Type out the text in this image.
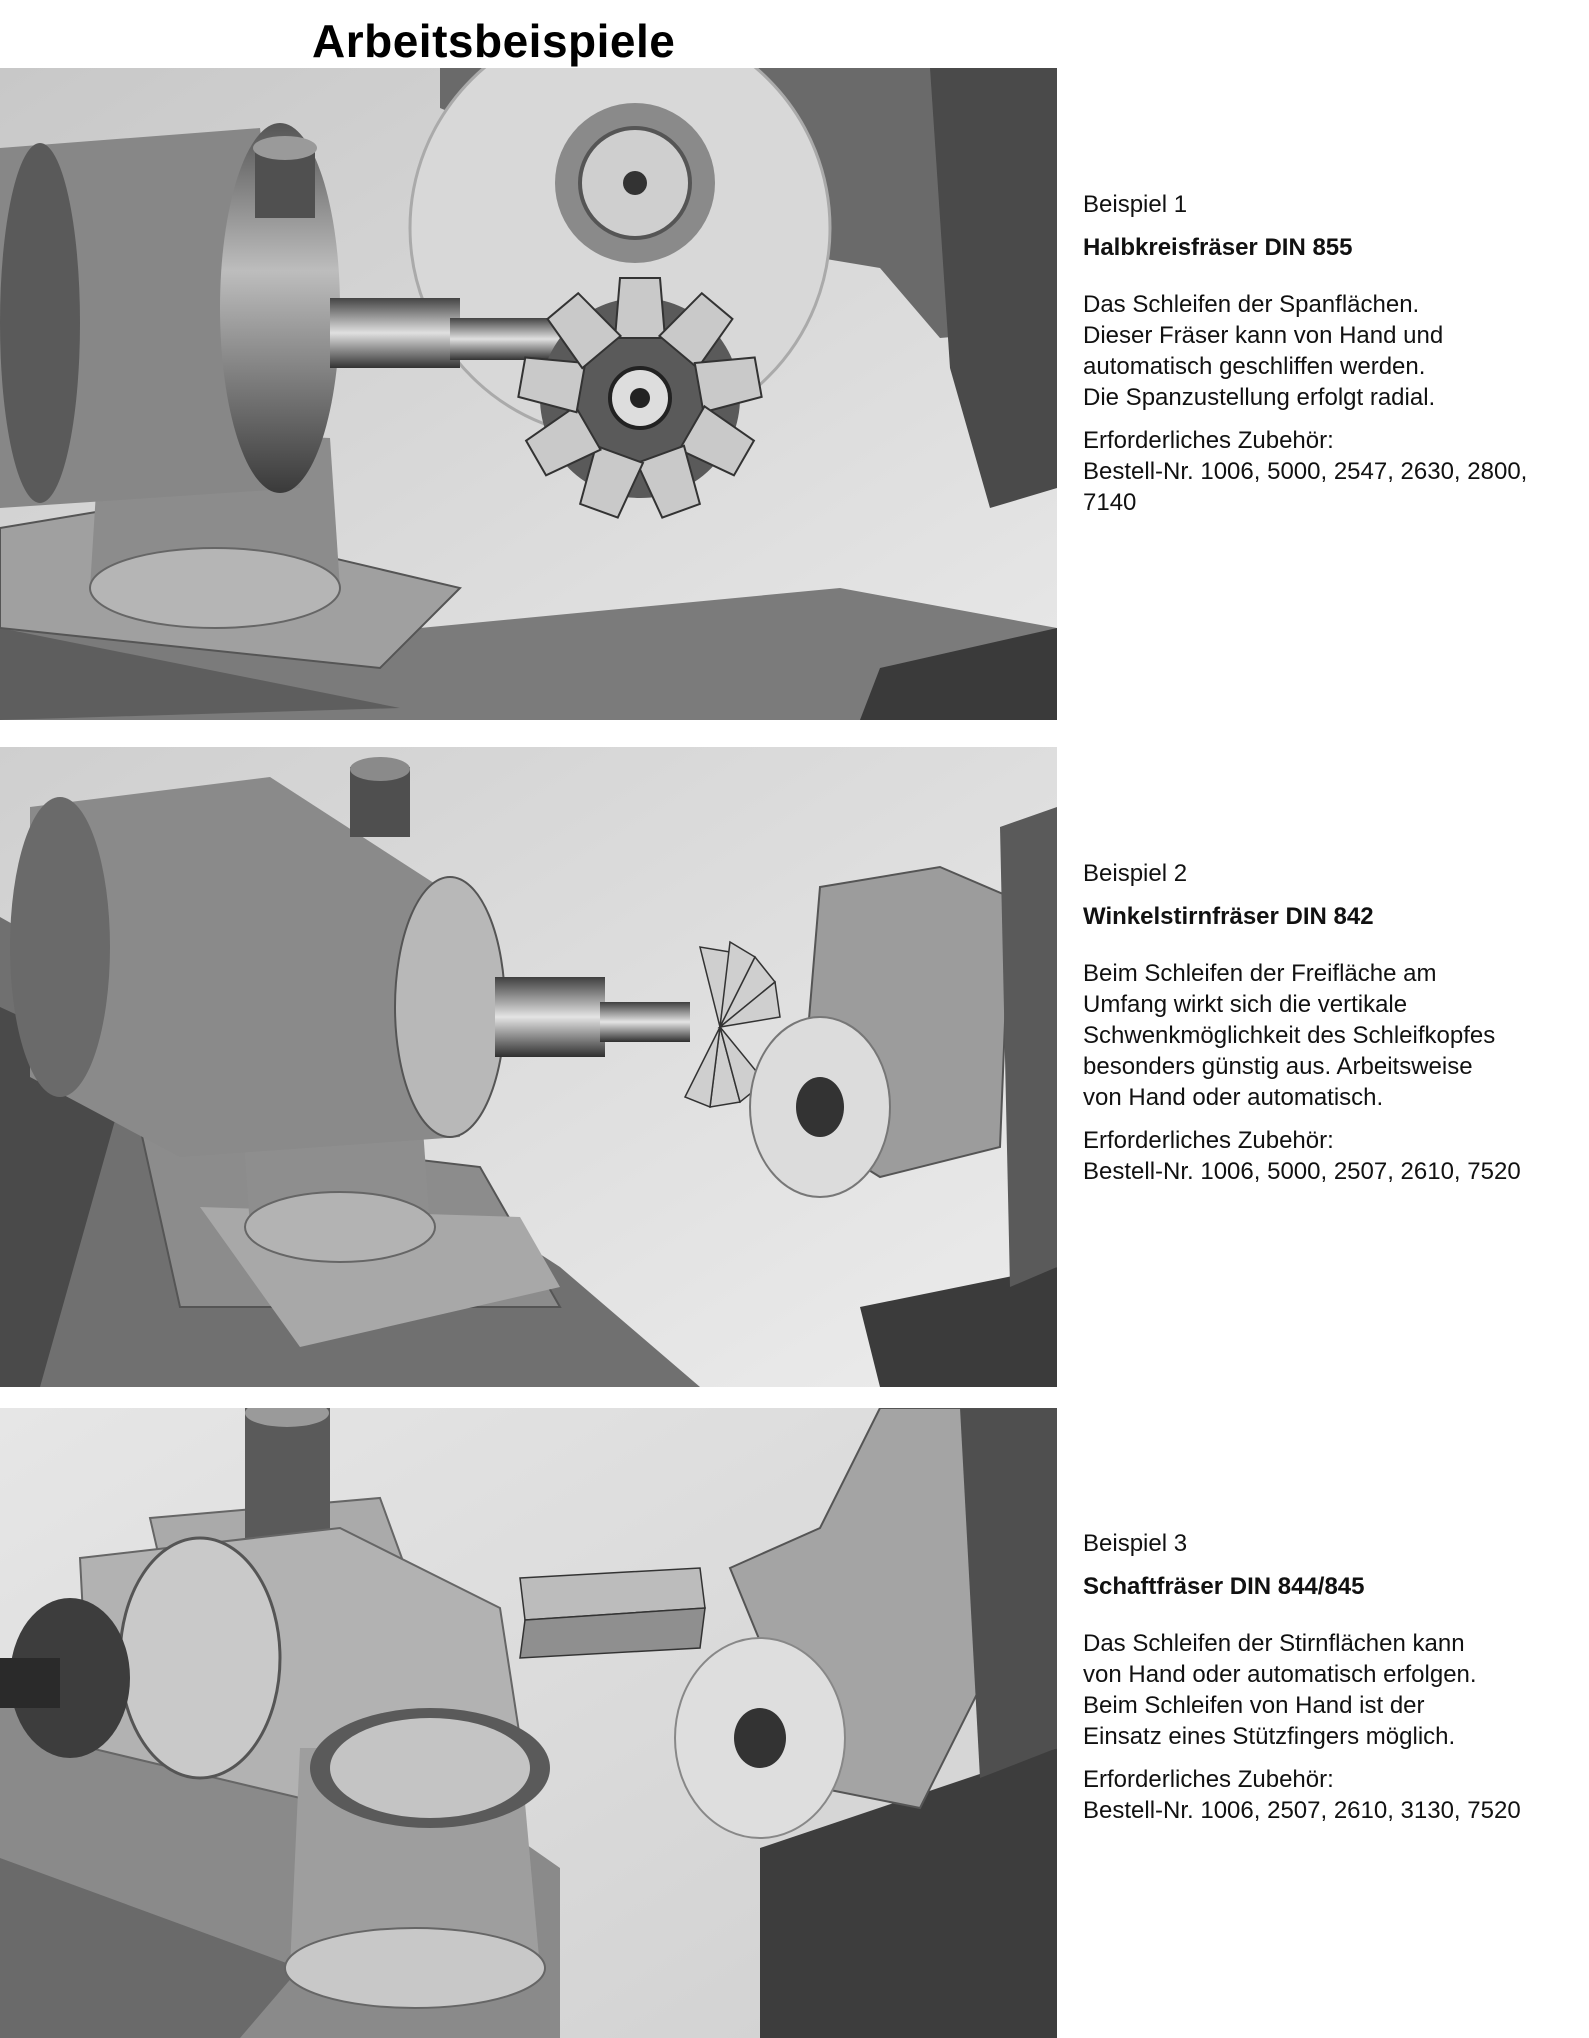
Arbeitsbeispiele

Beispiel 1

Halbkreisfräser DIN 855

Das Schleifen der Spanflächen.
Dieser Fräser kann von Hand und
automatisch geschliffen werden.
Die Spanzustellung erfolgt radial.

Erforderliches Zubehör:

Bestell-Nr. 1006, 5000, 2547, 2630, 2800,
7140

Beispiel 2

Winkelstirnfräser DIN 842

Beim Schleifen der Freifläche am
Umfang wirkt sich die vertikale
Schwenkmöglichkeit des Schleifkopfes
besonders günstig aus. Arbeitsweise
von Hand oder automatisch.

Erforderliches Zubehör:

Bestell-Nr. 1006, 5000, 2507, 2610, 7520

Beispiel 3

Schaftfräser DIN 844/845

Das Schleifen der Stirnflächen kann
von Hand oder automatisch erfolgen.
Beim Schleifen von Hand ist der
Einsatz eines Stützfingers möglich.

Erforderliches Zubehör:

Bestell-Nr. 1006, 2507, 2610, 3130, 7520
